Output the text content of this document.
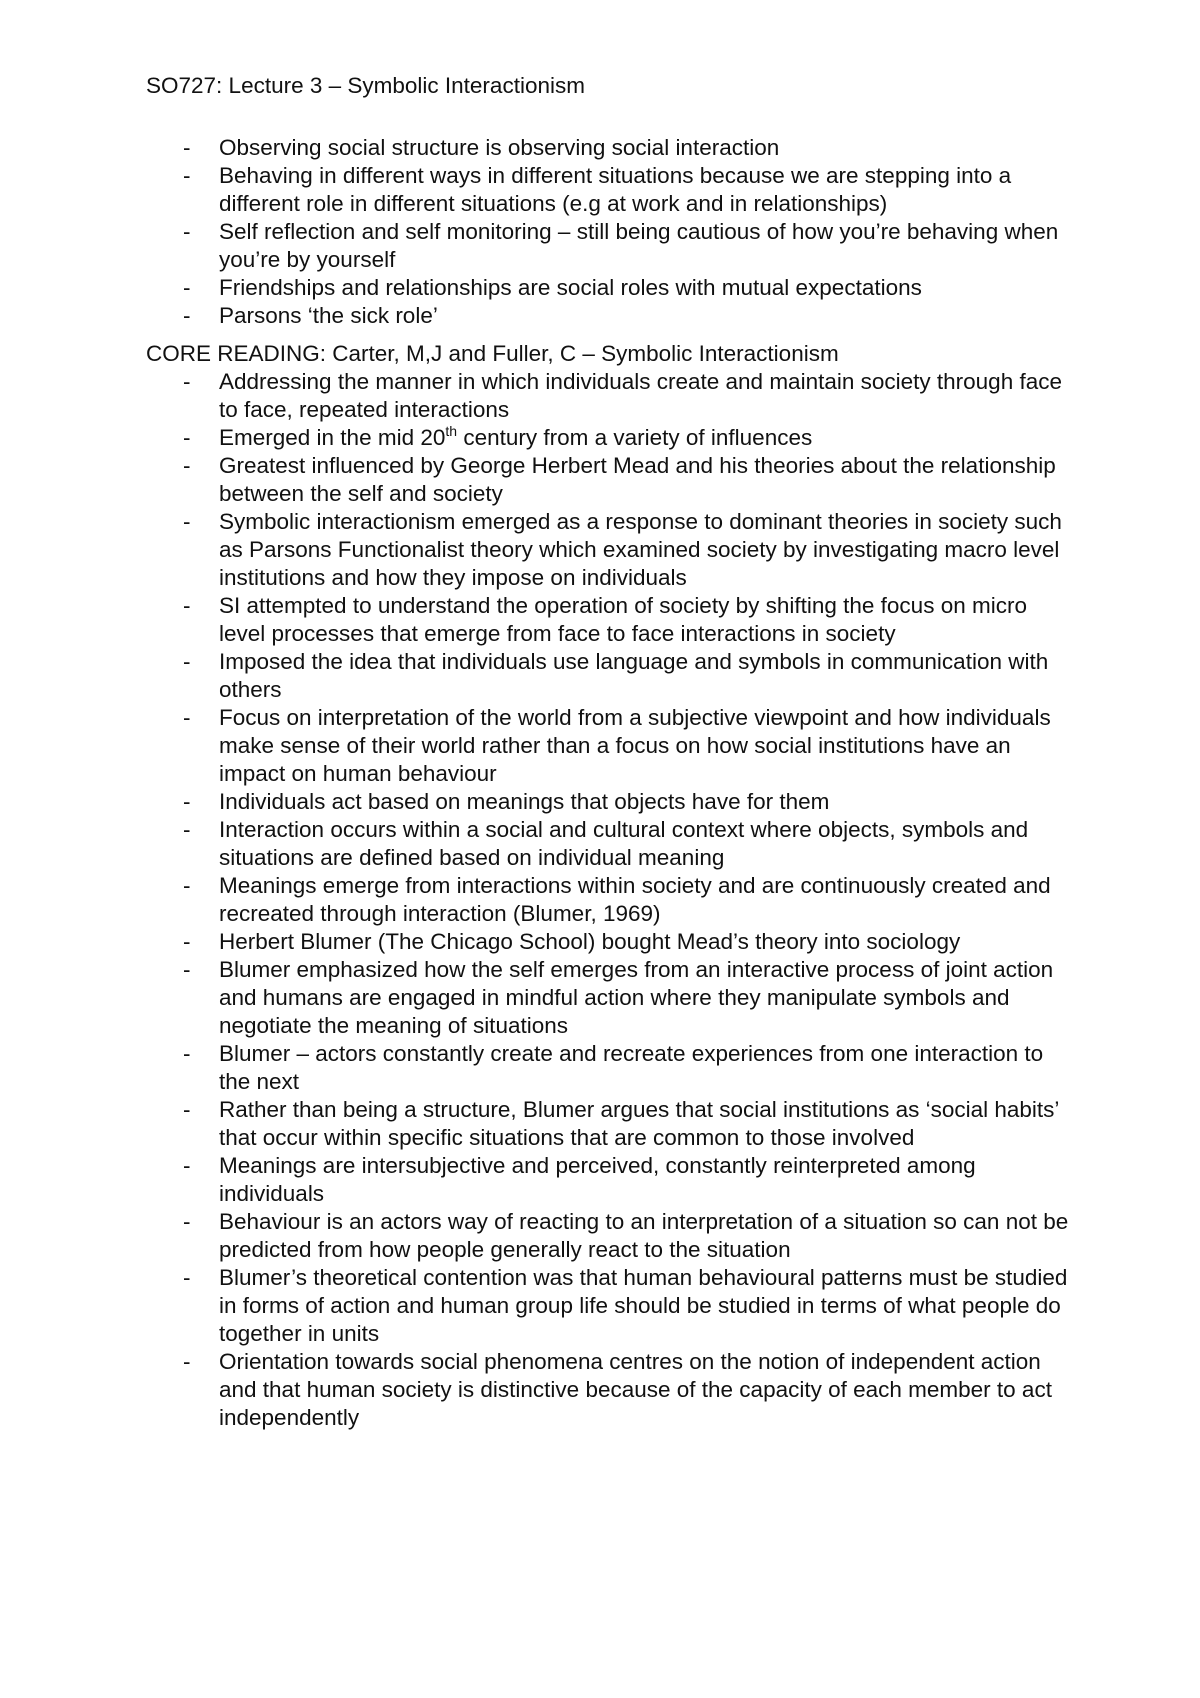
SO727: Lecture 3 – Symbolic Interactionism
- Observing social structure is observing social interaction
- Behaving in different ways in different situations because we are stepping into a different role in different situations (e.g at work and in relationships)
- Self reflection and self monitoring – still being cautious of how you’re behaving when you’re by yourself
- Friendships and relationships are social roles with mutual expectations
- Parsons ‘the sick role’
CORE READING: Carter, M,J and Fuller, C – Symbolic Interactionism
- Addressing the manner in which individuals create and maintain society through face to face, repeated interactions
- Emerged in the mid 20th century from a variety of influences
- Greatest influenced by George Herbert Mead and his theories about the relationship between the self and society
- Symbolic interactionism emerged as a response to dominant theories in society such as Parsons Functionalist theory which examined society by investigating macro level institutions and how they impose on individuals
- SI attempted to understand the operation of society by shifting the focus on micro level processes that emerge from face to face interactions in society
- Imposed the idea that individuals use language and symbols in communication with others
- Focus on interpretation of the world from a subjective viewpoint and how individuals make sense of their world rather than a focus on how social institutions have an impact on human behaviour
- Individuals act based on meanings that objects have for them
- Interaction occurs within a social and cultural context where objects, symbols and situations are defined based on individual meaning
- Meanings emerge from interactions within society and are continuously created and recreated through interaction (Blumer, 1969)
- Herbert Blumer (The Chicago School) bought Mead’s theory into sociology
- Blumer emphasized how the self emerges from an interactive process of joint action and humans are engaged in mindful action where they manipulate symbols and negotiate the meaning of situations
- Blumer – actors constantly create and recreate experiences from one interaction to the next
- Rather than being a structure, Blumer argues that social institutions as ‘social habits’ that occur within specific situations that are common to those involved
- Meanings are intersubjective and perceived, constantly reinterpreted among individuals
- Behaviour is an actors way of reacting to an interpretation of a situation so can not be predicted from how people generally react to the situation
- Blumer’s theoretical contention was that human behavioural patterns must be studied in forms of action and human group life should be studied in terms of what people do together in units
- Orientation towards social phenomena centres on the notion of independent action and that human society is distinctive because of the capacity of each member to act independently
